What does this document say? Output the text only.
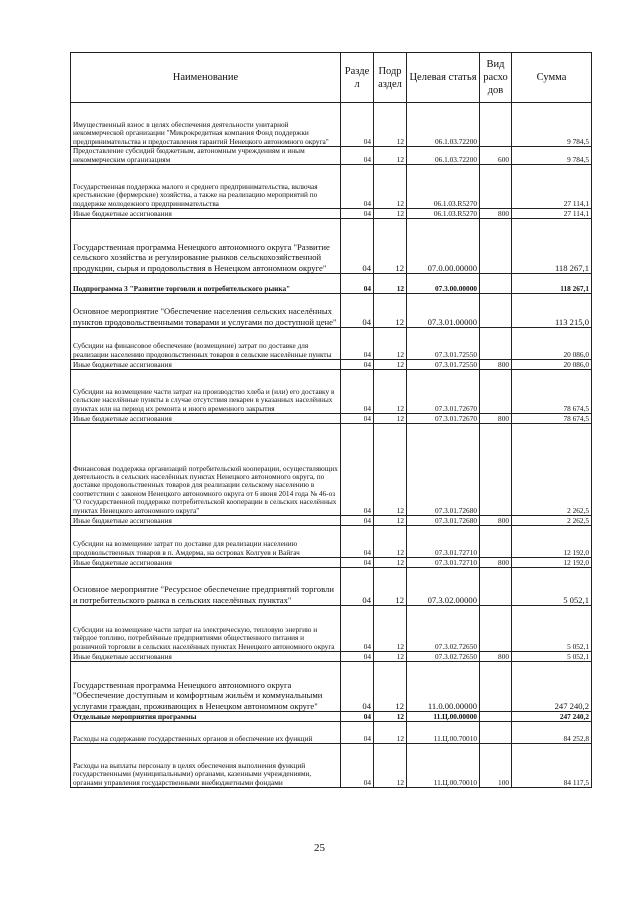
Наименование	Разде л	Подр аздел	Целевая статья	Вид расхо дов	Сумма
Имущественный взнос в целях обеспечения деятельности унитарной некоммерческой организации "Микрокредитная компания Фонд поддержки предпринимательства и предоставления гарантий Ненецкого автономного округа"	04	12	06.1.03.72200		9 784,5
Предоставление субсидий бюджетным, автономным учреждениям и иным некоммерческим организациям	04	12	06.1.03.72200	600	9 784,5
Государственная поддержка малого и среднего предпринимательства, включая крестьянские (фермерские) хозяйства, а также на реализацию мероприятий по поддержке молодежного предпринимательства	04	12	06.1.03.R5270		27 114,1
Иные бюджетные ассигнования	04	12	06.1.03.R5270	800	27 114,1
Государственная программа Ненецкого автономного округа "Развитие сельского хозяйства и регулирование рынков сельскохозяйственной продукции, сырья и продовольствия в Ненецком автономном округе"	04	12	07.0.00.00000		118 267,1
Подпрограмма 3 "Развитие торговли и потребительского рынка"	04	12	07.3.00.00000		118 267,1
Основное мероприятие "Обеспечение населения сельских населённых пунктов продовольственными товарами и услугами по доступной цене"	04	12	07.3.01.00000		113 215,0
Субсидии на финансовое обеспечение (возмещение) затрат по доставке для реализации населению продовольственных товаров в сельские населённые пункты	04	12	07.3.01.72550		20 086,0
Иные бюджетные ассигнования	04	12	07.3.01.72550	800	20 086,0
Субсидии на возмещение части затрат на производство хлеба и (или) его доставку в сельские населённые пункты в случае отсутствия пекарен в указанных населённых пунктах или на период их ремонта и иного временного закрытия	04	12	07.3.01.72670		78 674,5
Иные бюджетные ассигнования	04	12	07.3.01.72670	800	78 674,5
Финансовая поддержка организаций потребительской кооперации, осуществляющих деятельность в сельских населённых пунктах Ненецкого автономного округа, по доставке продовольственных товаров для реализации сельскому населению в соответствии с законом Ненецкого автономного округа от 6 июня 2014 года № 46-оз "О государственной поддержке потребительской кооперации в сельских населённых пунктах Ненецкого автономного округа"	04	12	07.3.01.72680		2 262,5
Иные бюджетные ассигнования	04	12	07.3.01.72680	800	2 262,5
Субсидии на возмещение затрат по доставке для реализации населению продовольственных товаров в п. Амдерма, на островах Колгуев и Вайгач	04	12	07.3.01.72710		12 192,0
Иные бюджетные ассигнования	04	12	07.3.01.72710	800	12 192,0
Основное мероприятие "Ресурсное обеспечение предприятий торговли и потребительского рынка в сельских населённых пунктах"	04	12	07.3.02.00000		5 052,1
Субсидии на возмещение части затрат на электрическую, тепловую энергию и твёрдое топливо, потреблённые предприятиями общественного питания и розничной торговли в сельских населённых пунктах Ненецкого автономного округа	04	12	07.3.02.72650		5 052,1
Иные бюджетные ассигнования	04	12	07.3.02.72650	800	5 052,1
Государственная программа Ненецкого автономного округа "Обеспечение доступным и комфортным жильём и коммунальными услугами граждан, проживающих в Ненецком автономном округе"	04	12	11.0.00.00000		247 240,2
Отдельные мероприятия программы	04	12	11.Ц.00.00000		247 240,2
Расходы на содержание государственных органов и обеспечение их функций	04	12	11.Ц.00.70010		84 252,8
Расходы на выплаты персоналу в целях обеспечения выполнения функций государственными (муниципальными) органами, казенными учреждениями, органами управления государственными внебюджетными фондами	04	12	11.Ц.00.70010	100	84 117,5
25
